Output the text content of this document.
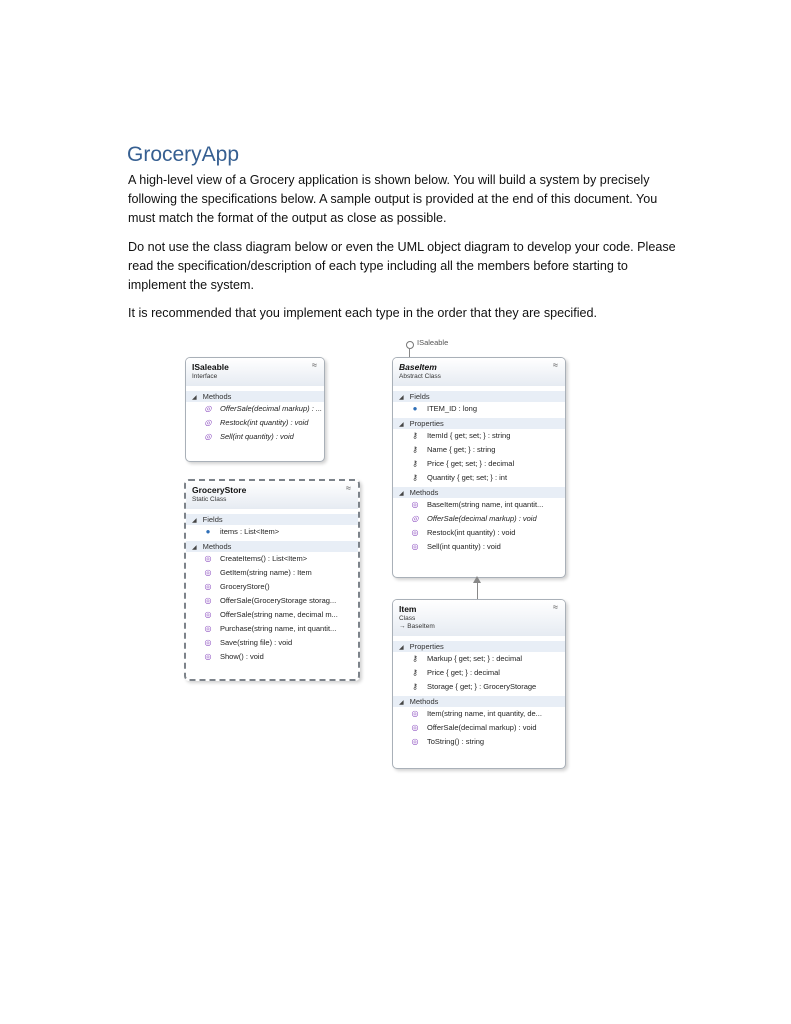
GroceryApp
A high-level view of a Grocery application is shown below. You will build a system by precisely following the specifications below. A sample output is provided at the end of this document. You must match the format of the output as close as possible.
Do not use the class diagram below or even the UML object diagram to develop your code. Please read the specification/description of each type including all the members before starting to implement the system.
It is recommended that you implement each type in the order that they are specified.
ISaleable
ISaleable
Interface
≈
◢ Methods
◎ OfferSale(decimal markup) : ...
◎ Restock(int quantity) : void
◎ Sell(int quantity) : void
GroceryStore
Static Class
≈
◢ Fields
● items : List<Item>
◢ Methods
◎ CreateItems() : List<Item>
◎ GetItem(string name) : Item
◎ GroceryStore()
◎ OfferSale(GroceryStorage storag...
◎ OfferSale(string name, decimal m...
◎ Purchase(string name, int quantit...
◎ Save(string file) : void
◎ Show() : void
BaseItem
Abstract Class
≈
◢ Fields
● ITEM_ID : long
◢ Properties
⚷ ItemId { get; set; } : string
⚷ Name { get; } : string
⚷ Price { get; set; } : decimal
⚷ Quantity { get; set; } : int
◢ Methods
◎ BaseItem(string name, int quantit...
◎ OfferSale(decimal markup) : void
◎ Restock(int quantity) : void
◎ Sell(int quantity) : void
Item
Class
→ BaseItem
≈
◢ Properties
⚷ Markup { get; set; } : decimal
⚷ Price { get; } : decimal
⚷ Storage { get; } : GroceryStorage
◢ Methods
◎ Item(string name, int quantity, de...
◎ OfferSale(decimal markup) : void
◎ ToString() : string
